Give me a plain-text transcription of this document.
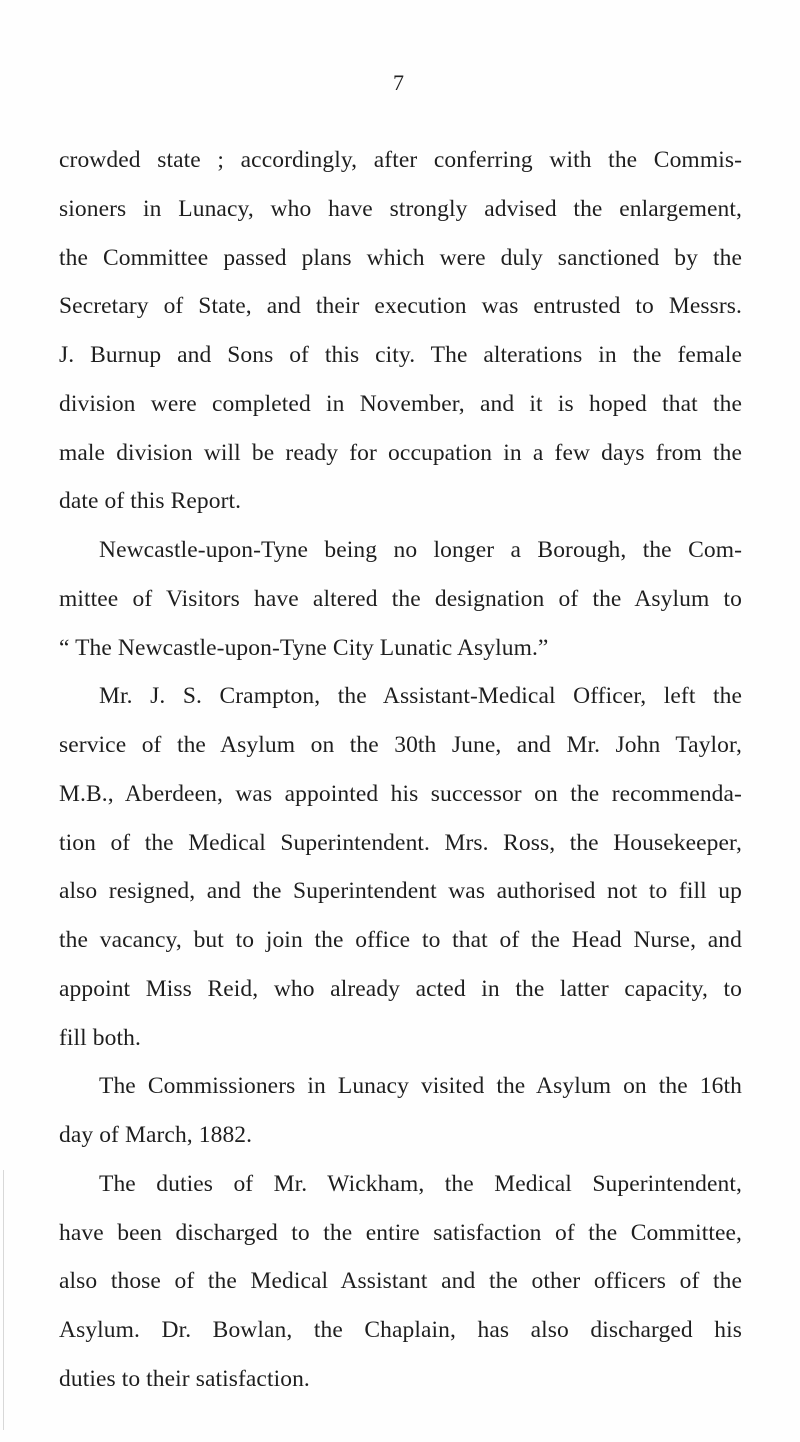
7
crowded state ; accordingly, after conferring with the Commis-
sioners in Lunacy, who have strongly advised the enlargement,
the Committee passed plans which were duly sanctioned by the
Secretary of State, and their execution was entrusted to Messrs.
J. Burnup and Sons of this city. The alterations in the female
division were completed in November, and it is hoped that the
male division will be ready for occupation in a few days from the
date of this Report.
Newcastle-upon-Tyne being no longer a Borough, the Com-
mittee of Visitors have altered the designation of the Asylum to
“ The Newcastle-upon-Tyne City Lunatic Asylum.”
Mr. J. S. Crampton, the Assistant-Medical Officer, left the
service of the Asylum on the 30th June, and Mr. John Taylor,
M.B., Aberdeen, was appointed his successor on the recommenda-
tion of the Medical Superintendent. Mrs. Ross, the Housekeeper,
also resigned, and the Superintendent was authorised not to fill up
the vacancy, but to join the office to that of the Head Nurse, and
appoint Miss Reid, who already acted in the latter capacity, to
fill both.
The Commissioners in Lunacy visited the Asylum on the 16th
day of March, 1882.
The duties of Mr. Wickham, the Medical Superintendent,
have been discharged to the entire satisfaction of the Committee,
also those of the Medical Assistant and the other officers of the
Asylum. Dr. Bowlan, the Chaplain, has also discharged his
duties to their satisfaction.
